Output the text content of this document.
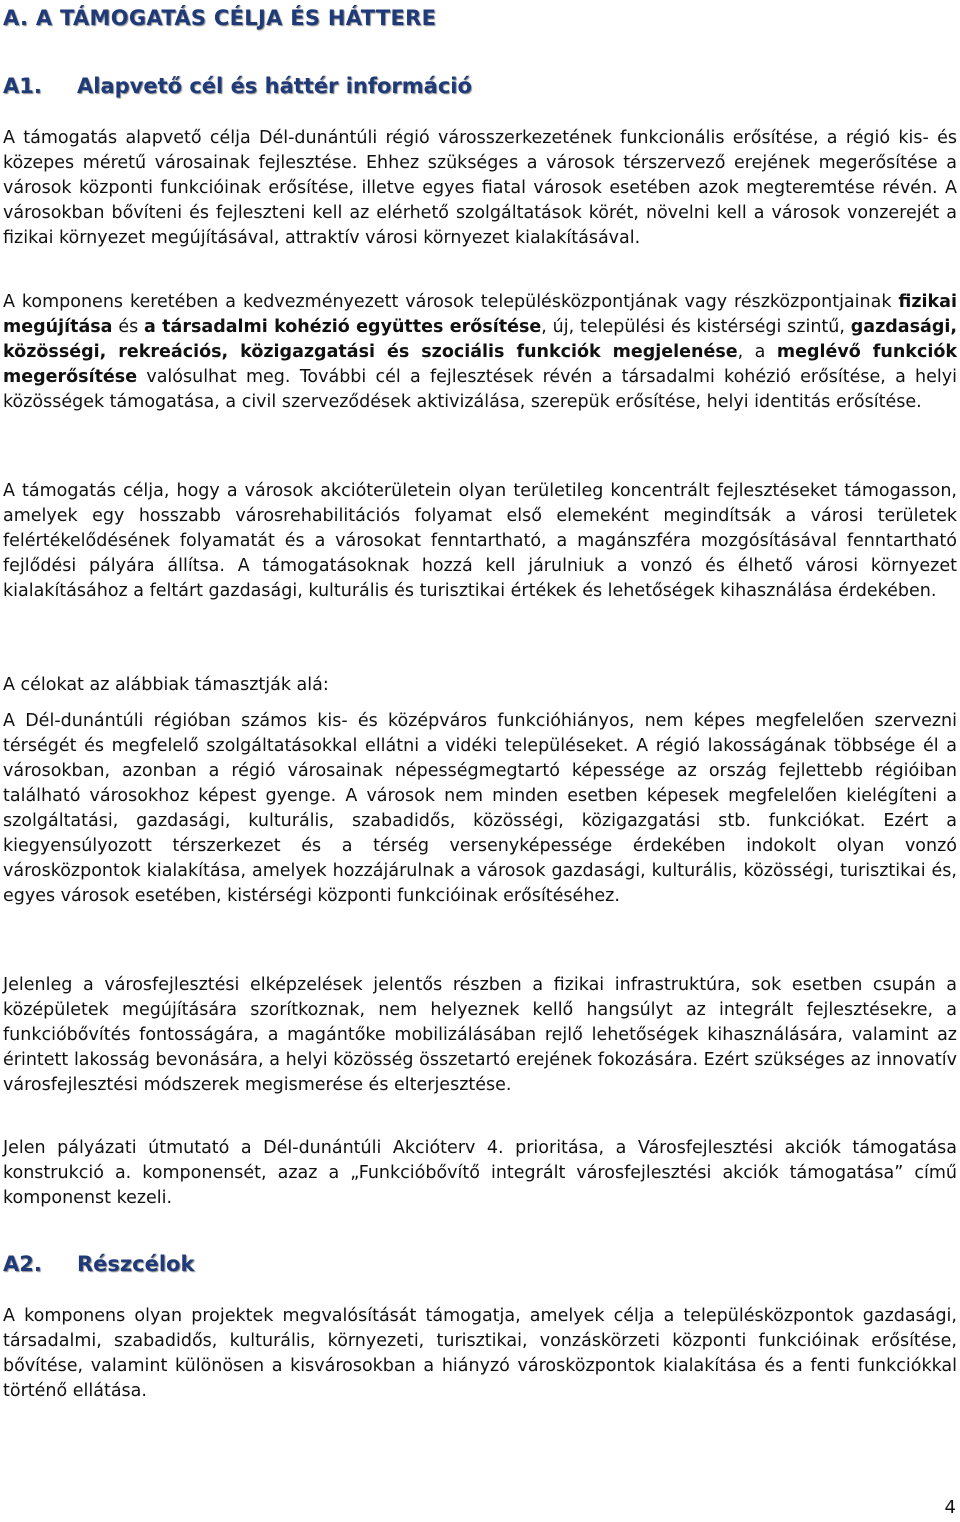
A. A TÁMOGATÁS CÉLJA ÉS HÁTTERE
A1. Alapvető cél és háttér információ

A támogatás alapvető célja Dél-dunántúli régió városszerkezetének funkcionális erősítése, a régió kis- és közepes méretű városainak fejlesztése. Ehhez szükséges a városok térszervező erejének megerősítése a városok központi funkcióinak erősítése, illetve egyes fiatal városok esetében azok megteremtése révén. A városokban bővíteni és fejleszteni kell az elérhető szolgáltatások körét, növelni kell a városok vonzerejét a fizikai környezet megújításával, attraktív városi környezet kialakításával.

A komponens keretében a kedvezményezett városok településközpontjának vagy részközpontjainak fizikai megújítása és a társadalmi kohézió együttes erősítése, új, települési és kistérségi szintű, gazdasági, közösségi, rekreációs, közigazgatási és szociális funkciók megjelenése, a meglévő funkciók megerősítése valósulhat meg. További cél a fejlesztések révén a társadalmi kohézió erősítése, a helyi közösségek támogatása, a civil szerveződések aktivizálása, szerepük erősítése, helyi identitás erősítése.

A támogatás célja, hogy a városok akcióterületein olyan területileg koncentrált fejlesztéseket támogasson, amelyek egy hosszabb városrehabilitációs folyamat első elemeként megindítsák a városi területek felértékelődésének folyamatát és a városokat fenntartható, a magánszféra mozgósításával fenntartható fejlődési pályára állítsa. A támogatásoknak hozzá kell járulniuk a vonzó és élhető városi környezet kialakításához a feltárt gazdasági, kulturális és turisztikai értékek és lehetőségek kihasználása érdekében.

A célokat az alábbiak támasztják alá:

A Dél-dunántúli régióban számos kis- és középváros funkcióhiányos, nem képes megfelelően szervezni térségét és megfelelő szolgáltatásokkal ellátni a vidéki településeket. A régió lakosságának többsége él a városokban, azonban a régió városainak népességmegtartó képessége az ország fejlettebb régióiban található városokhoz képest gyenge. A városok nem minden esetben képesek megfelelően kielégíteni a szolgáltatási, gazdasági, kulturális, szabadidős, közösségi, közigazgatási stb. funkciókat. Ezért a kiegyensúlyozott térszerkezet és a térség versenyképessége érdekében indokolt olyan vonzó városközpontok kialakítása, amelyek hozzájárulnak a városok gazdasági, kulturális, közösségi, turisztikai és, egyes városok esetében, kistérségi központi funkcióinak erősítéséhez.

Jelenleg a városfejlesztési elképzelések jelentős részben a fizikai infrastruktúra, sok esetben csupán a középületek megújítására szorítkoznak, nem helyeznek kellő hangsúlyt az integrált fejlesztésekre, a funkcióbővítés fontosságára, a magántőke mobilizálásában rejlő lehetőségek kihasználására, valamint az érintett lakosság bevonására, a helyi közösség összetartó erejének fokozására. Ezért szükséges az innovatív városfejlesztési módszerek megismerése és elterjesztése.

Jelen pályázati útmutató a Dél-dunántúli Akcióterv 4. prioritása, a Városfejlesztési akciók támogatása konstrukció a. komponensét, azaz a „Funkcióbővítő integrált városfejlesztési akciók támogatása” című komponenst kezeli.

A2. Részcélok

A komponens olyan projektek megvalósítását támogatja, amelyek célja a településközpontok gazdasági, társadalmi, szabadidős, kulturális, környezeti, turisztikai, vonzáskörzeti központi funkcióinak erősítése, bővítése, valamint különösen a kisvárosokban a hiányzó városközpontok kialakítása és a fenti funkciókkal történő ellátása.

4
